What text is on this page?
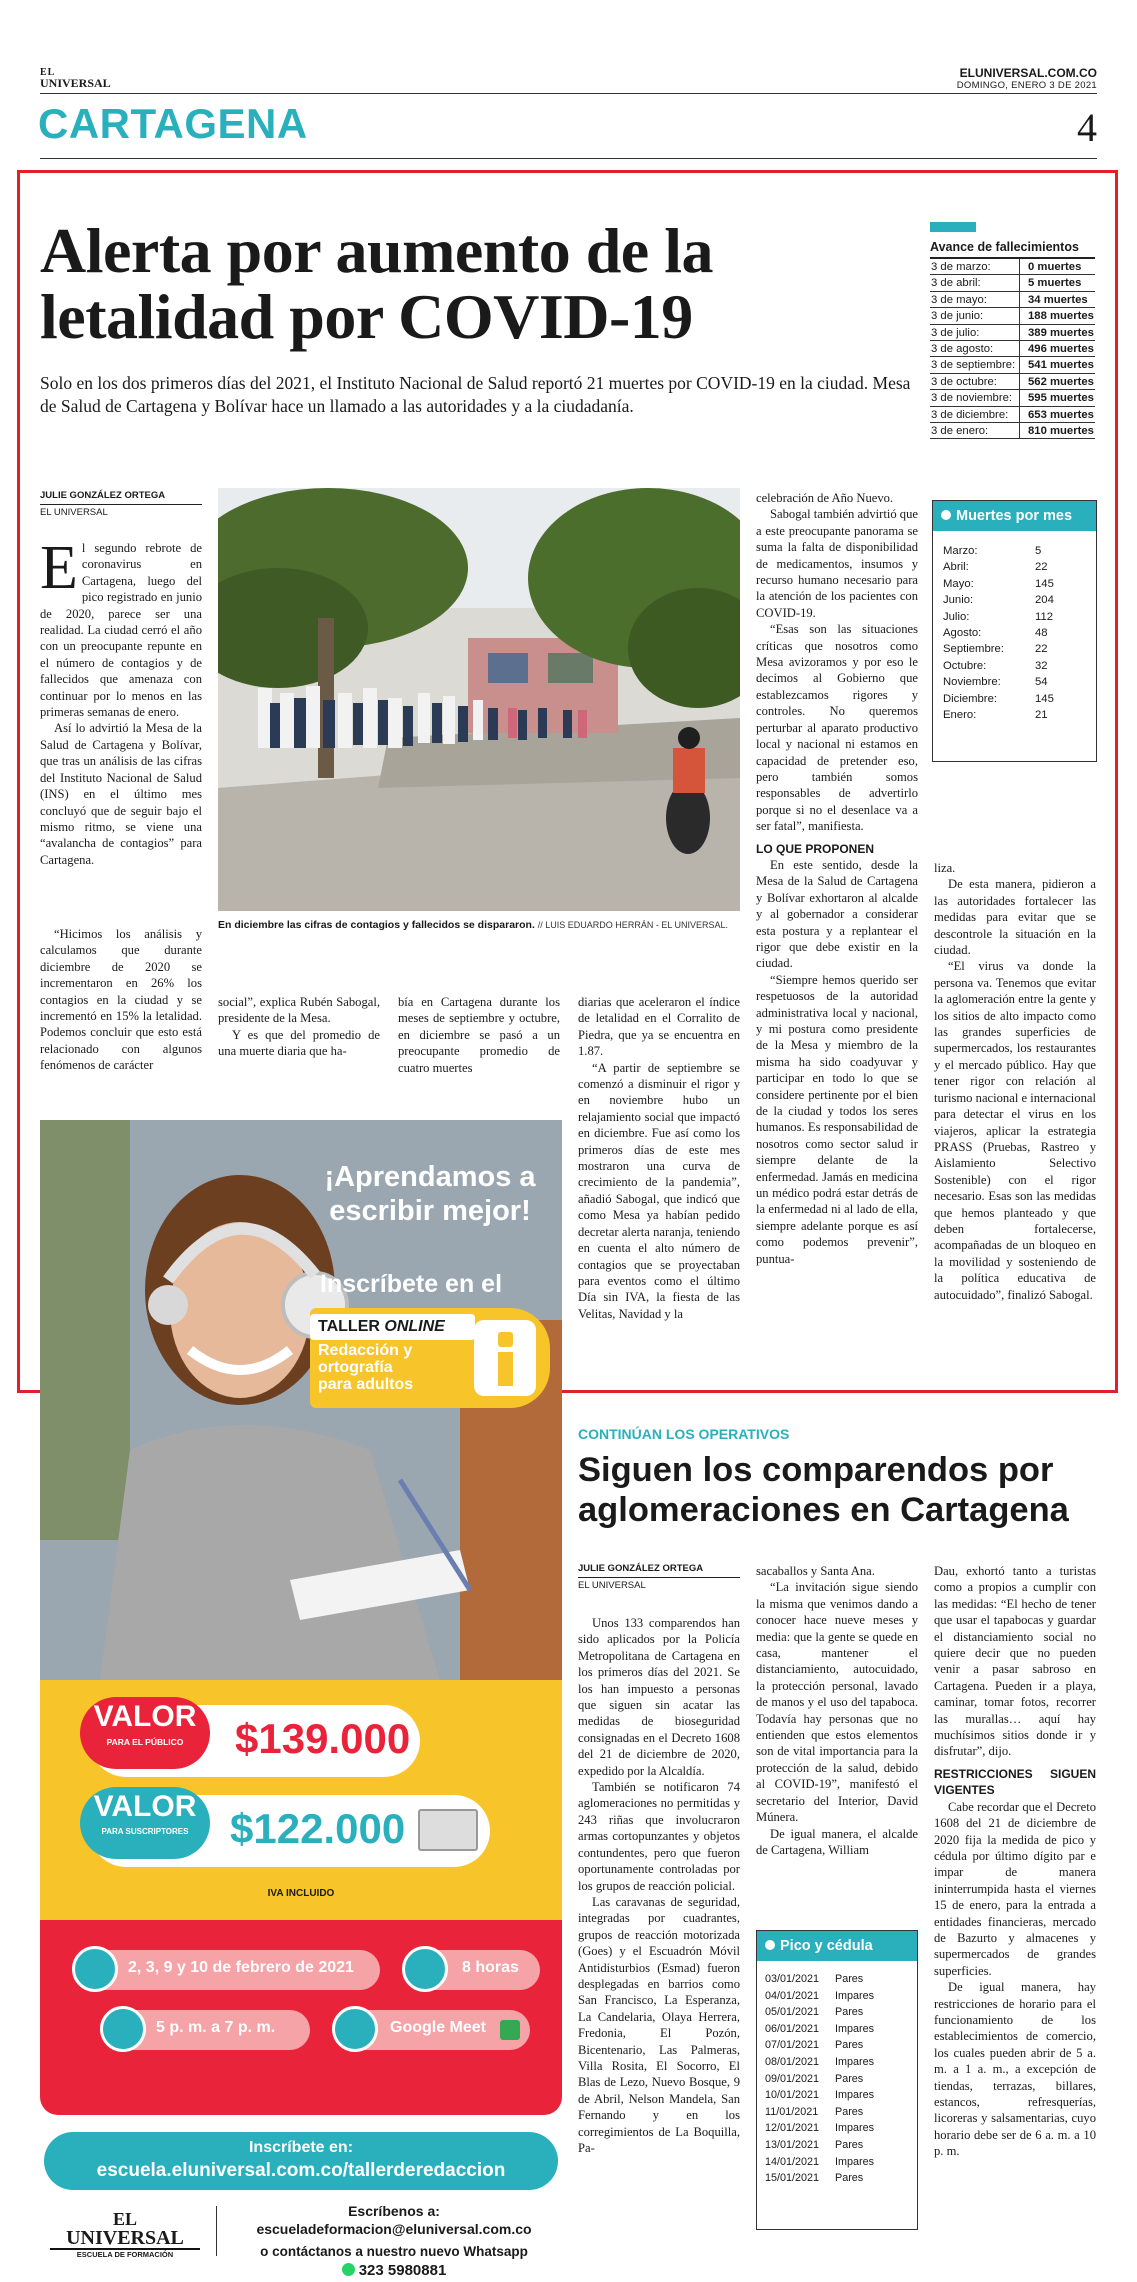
EL
UNIVERSAL
ELUNIVERSAL.COM.CO
DOMINGO, ENERO 3 DE 2021
CARTAGENA	4
Alerta por aumento de la
letalidad por COVID-19
Solo en los dos primeros días del 2021, el Instituto Nacional de Salud reportó 21 muertes por COVID-19 en la ciudad. Mesa de Salud de Cartagena y Bolívar hace un llamado a las autoridades y a la ciudadanía.
Avance de fallecimientos
3 de marzo:	0 muertes
3 de abril:	5 muertes
3 de mayo:	34 muertes
3 de junio:	188 muertes
3 de julio:	389 muertes
3 de agosto:	496 muertes
3 de septiembre:	541 muertes
3 de octubre:	562 muertes
3 de noviembre:	595 muertes
3 de diciembre:	653 muertes
3 de enero:	810 muertes
JULIE GONZÁLEZ ORTEGA
EL UNIVERSAL

El segundo rebrote de coronavirus en Cartagena, luego del pico registrado en junio de 2020, parece ser una realidad. La ciudad cerró el año con un preocupante repunte en el número de contagios y de fallecidos que amenaza con continuar por lo menos en las primeras semanas de enero.

Así lo advirtió la Mesa de la Salud de Cartagena y Bolívar, que tras un análisis de las cifras del Instituto Nacional de Salud (INS) en el último mes concluyó que de seguir bajo el mismo ritmo, se viene una “avalancha de contagios” para Cartagena.

“Hicimos los análisis y calculamos que durante diciembre de 2020 se incrementaron en 26% los contagios en la ciudad y se incrementó en 15% la letalidad. Podemos concluir que esto está relacionado con algunos fenómenos de carácter

En diciembre las cifras de contagios y fallecidos se dispararon. // LUIS EDUARDO HERRÁN - EL UNIVERSAL.

social”, explica Rubén Sabogal, presidente de la Mesa.

Y es que del promedio de una muerte diaria que ha-

bía en Cartagena durante los meses de septiembre y octubre, en diciembre se pasó a un preocupante promedio de cuatro muertes

diarias que aceleraron el índice de letalidad en el Corralito de Piedra, que ya se encuentra en 1.87.

“A partir de septiembre se comenzó a disminuir el rigor y en noviembre hubo un relajamiento social que impactó en diciembre. Fue así como los primeros días de este mes mostraron una curva de crecimiento de la pandemia”, añadió Sabogal, que indicó que como Mesa ya habían pedido decretar alerta naranja, teniendo en cuenta el alto número de contagios que se proyectaban para eventos como el último Día sin IVA, la fiesta de las Velitas, Navidad y la

celebración de Año Nuevo.

Sabogal también advirtió que a este preocupante panorama se suma la falta de disponibilidad de medicamentos, insumos y recurso humano necesario para la atención de los pacientes con COVID-19.

“Esas son las situaciones críticas que nosotros como Mesa avizoramos y por eso le decimos al Gobierno que establezcamos rigores y controles. No queremos perturbar al aparato productivo local y nacional ni estamos en capacidad de pretender eso, pero también somos responsables de advertirlo porque si no el desenlace va a ser fatal”, manifiesta.

LO QUE PROPONEN

En este sentido, desde la Mesa de la Salud de Cartagena y Bolívar exhortaron al alcalde y al gobernador a considerar esta postura y a replantear el rigor que debe existir en la ciudad.

“Siempre hemos querido ser respetuosos de la autoridad administrativa local y nacional, y mi postura como presidente de la Mesa y miembro de la misma ha sido coadyuvar y participar en todo lo que se considere pertinente por el bien de la ciudad y todos los seres humanos. Es responsabilidad de nosotros como sector salud ir siempre delante de la enfermedad. Jamás en medicina un médico podrá estar detrás de la enfermedad ni al lado de ella, siempre adelante porque es así como podemos prevenir”, puntua-

Muertes por mes
Marzo:	5
Abril:	22
Mayo:	145
Junio:	204
Julio:	112
Agosto:	48
Septiembre:	22
Octubre:	32
Noviembre:	54
Diciembre:	145
Enero:	21

liza.

De esta manera, pidieron a las autoridades fortalecer las medidas para evitar que se descontrole la situación en la ciudad.

“El virus va donde la persona va. Tenemos que evitar la aglomeración entre la gente y los sitios de alto impacto como las grandes superficies de supermercados, los restaurantes y el mercado público. Hay que tener rigor con relación al turismo nacional e internacional para detectar el virus en los viajeros, aplicar la estrategia PRASS (Pruebas, Rastreo y Aislamiento Selectivo Sostenible) con el rigor necesario. Esas son las medidas que hemos planteado y que deben fortalecerse, acompañadas de un bloqueo en la movilidad y sosteniendo de la política educativa de autocuidado”, finalizó Sabogal.

¡Aprendamos a
escribir mejor!
Inscríbete en el
TALLER ONLINE
Redacción y
ortografía
para adultos
VALOR
PARA EL PÚBLICO	$139.000
VALOR
PARA SUSCRIPTORES $122.000
IVA INCLUIDO
2, 3, 9 y 10 de febrero de 2021	8 horas
5 p. m. a 7 p. m.	Google Meet
Inscríbete en:
escuela.eluniversal.com.co/tallerderedaccion
EL
UNIVERSAL
ESCUELA DE FORMACIÓN
Escríbenos a:
escueladeformacion@eluniversal.com.co
o contáctanos a nuestro nuevo Whatsapp
323 5980881
CONTINÚAN LOS OPERATIVOS
Siguen los comparendos por
aglomeraciones en Cartagena
JULIE GONZÁLEZ ORTEGA
EL UNIVERSAL

Unos 133 comparendos han sido aplicados por la Policía Metropolitana de Cartagena en los primeros días del 2021. Se los han impuesto a personas que siguen sin acatar las medidas de bioseguridad consignadas en el Decreto 1608 del 21 de diciembre de 2020, expedido por la Alcaldía.

También se notificaron 74 aglomeraciones no permitidas y 243 riñas que involucraron armas cortopunzantes y objetos contundentes, pero que fueron oportunamente controladas por los grupos de reacción policial.

Las caravanas de seguridad, integradas por cuadrantes, grupos de reacción motorizada (Goes) y el Escuadrón Móvil Antidisturbios (Esmad) fueron desplegadas en barrios como San Francisco, La Esperanza, La Candelaria, Olaya Herrera, Fredonia, El Pozón, Bicentenario, Las Palmeras, Villa Rosita, El Socorro, El Blas de Lezo, Nuevo Bosque, 9 de Abril, Nelson Mandela, San Fernando y en los corregimientos de La Boquilla, Pa-

sacaballos y Santa Ana.

“La invitación sigue siendo la misma que venimos dando a conocer hace nueve meses y media: que la gente se quede en casa, mantener el distanciamiento, autocuidado, la protección personal, lavado de manos y el uso del tapaboca. Todavía hay personas que no entienden que estos elementos son de vital importancia para la protección de la salud, debido al COVID-19”, manifestó el secretario del Interior, David Múnera.

De igual manera, el alcalde de Cartagena, William

Pico y cédula
03/01/2021	Pares
04/01/2021	Impares
05/01/2021	Pares
06/01/2021	Impares
07/01/2021	Pares
08/01/2021	Impares
09/01/2021	Pares
10/01/2021	Impares
11/01/2021	Pares
12/01/2021	Impares
13/01/2021	Pares
14/01/2021	Impares
15/01/2021	Pares

Dau, exhortó tanto a turistas como a propios a cumplir con las medidas: “El hecho de tener que usar el tapabocas y guardar el distanciamiento social no quiere decir que no pueden venir a pasar sabroso en Cartagena. Pueden ir a playa, caminar, tomar fotos, recorrer las murallas… aquí hay muchísimos sitios donde ir y disfrutar”, dijo.

RESTRICCIONES SIGUEN VIGENTES

Cabe recordar que el Decreto 1608 del 21 de diciembre de 2020 fija la medida de pico y cédula por último dígito par e impar de manera ininterrumpida hasta el viernes 15 de enero, para la entrada a entidades financieras, mercado de Bazurto y almacenes y supermercados de grandes superficies.

De igual manera, hay restricciones de horario para el funcionamiento de los establecimientos de comercio, los cuales pueden abrir de 5 a. m. a 1 a. m., a excepción de tiendas, terrazas, billares, estancos, refresquerías, licoreras y salsamentarias, cuyo horario debe ser de 6 a. m. a 10 p. m.
